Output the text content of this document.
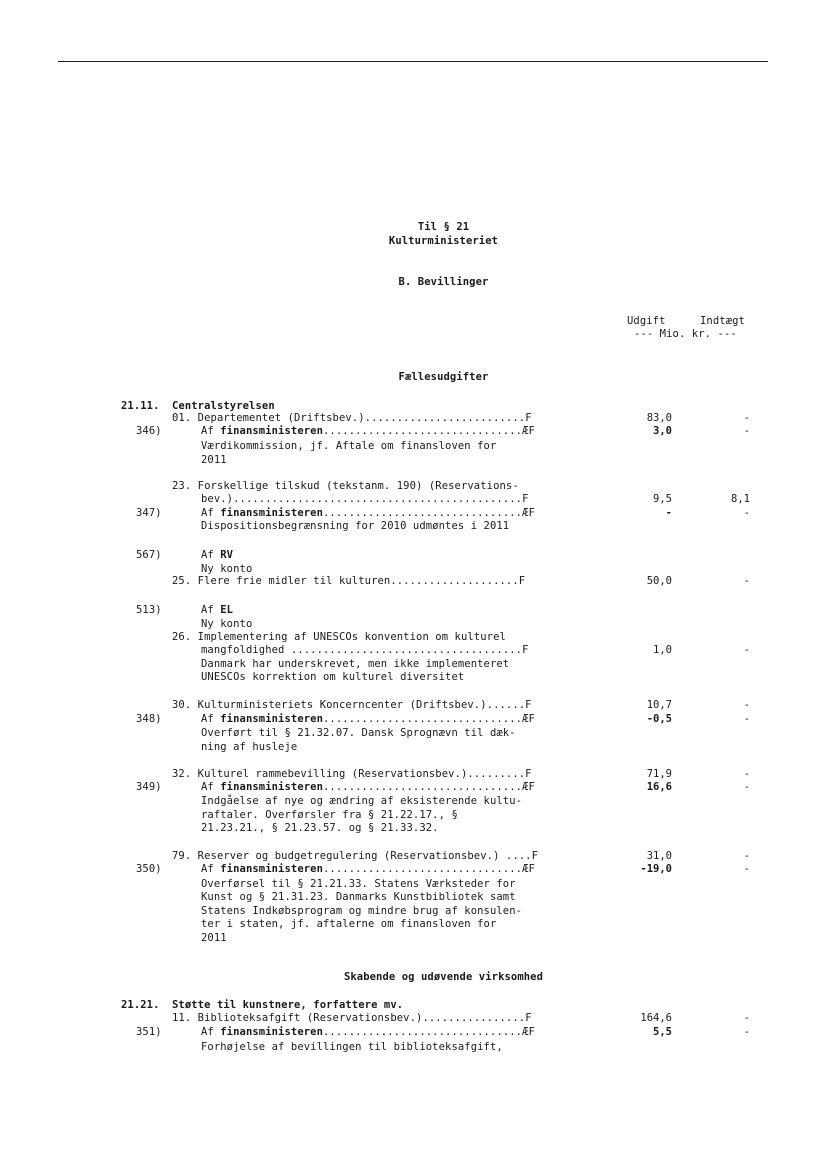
Til § 21
Kulturministeriet
B. Bevillinger
Udgift	Indtægt
--- Mio. kr. ---
Fællesudgifter
21.11. Centralstyrelsen
01. Departementet (Driftsbev.).........................F	83,0	-
346)	Af finansministeren...............................ÆF	3,0	-
Værdikommission, jf. Aftale om finansloven for
2011
23. Forskellige tilskud (tekstanm. 190) (Reservations-
bev.).............................................F	9,5	8,1
347)	Af finansministeren...............................ÆF	-	-
Dispositionsbegrænsning for 2010 udmøntes i 2011
567)	Af RV
Ny konto
25. Flere frie midler til kulturen....................F	50,0	-
513)	Af EL
Ny konto
26. Implementering af UNESCOs konvention om kulturel
mangfoldighed ....................................F	1,0	-
Danmark har underskrevet, men ikke implementeret
UNESCOs korrektion om kulturel diversitet
30. Kulturministeriets Koncerncenter (Driftsbev.)......F	10,7	-
348)	Af finansministeren...............................ÆF	-0,5	-
Overført til § 21.32.07. Dansk Sprognævn til dæk-
ning af husleje
32. Kulturel rammebevilling (Reservationsbev.).........F	71,9	-
349)	Af finansministeren...............................ÆF	16,6	-
Indgåelse af nye og ændring af eksisterende kultu-
raftaler. Overførsler fra § 21.22.17., §
21.23.21., § 21.23.57. og § 21.33.32.
79. Reserver og budgetregulering (Reservationsbev.) ....F	31,0	-
350)	Af finansministeren...............................ÆF	-19,0	-
Overførsel til § 21.21.33. Statens Værksteder for
Kunst og § 21.31.23. Danmarks Kunstbibliotek samt
Statens Indkøbsprogram og mindre brug af konsulen-
ter i staten, jf. aftalerne om finansloven for
2011
Skabende og udøvende virksomhed
21.21. Støtte til kunstnere, forfattere mv.
11. Biblioteksafgift (Reservationsbev.)................F	164,6	-
351)	Af finansministeren...............................ÆF	5,5	-
Forhøjelse af bevillingen til biblioteksafgift,
